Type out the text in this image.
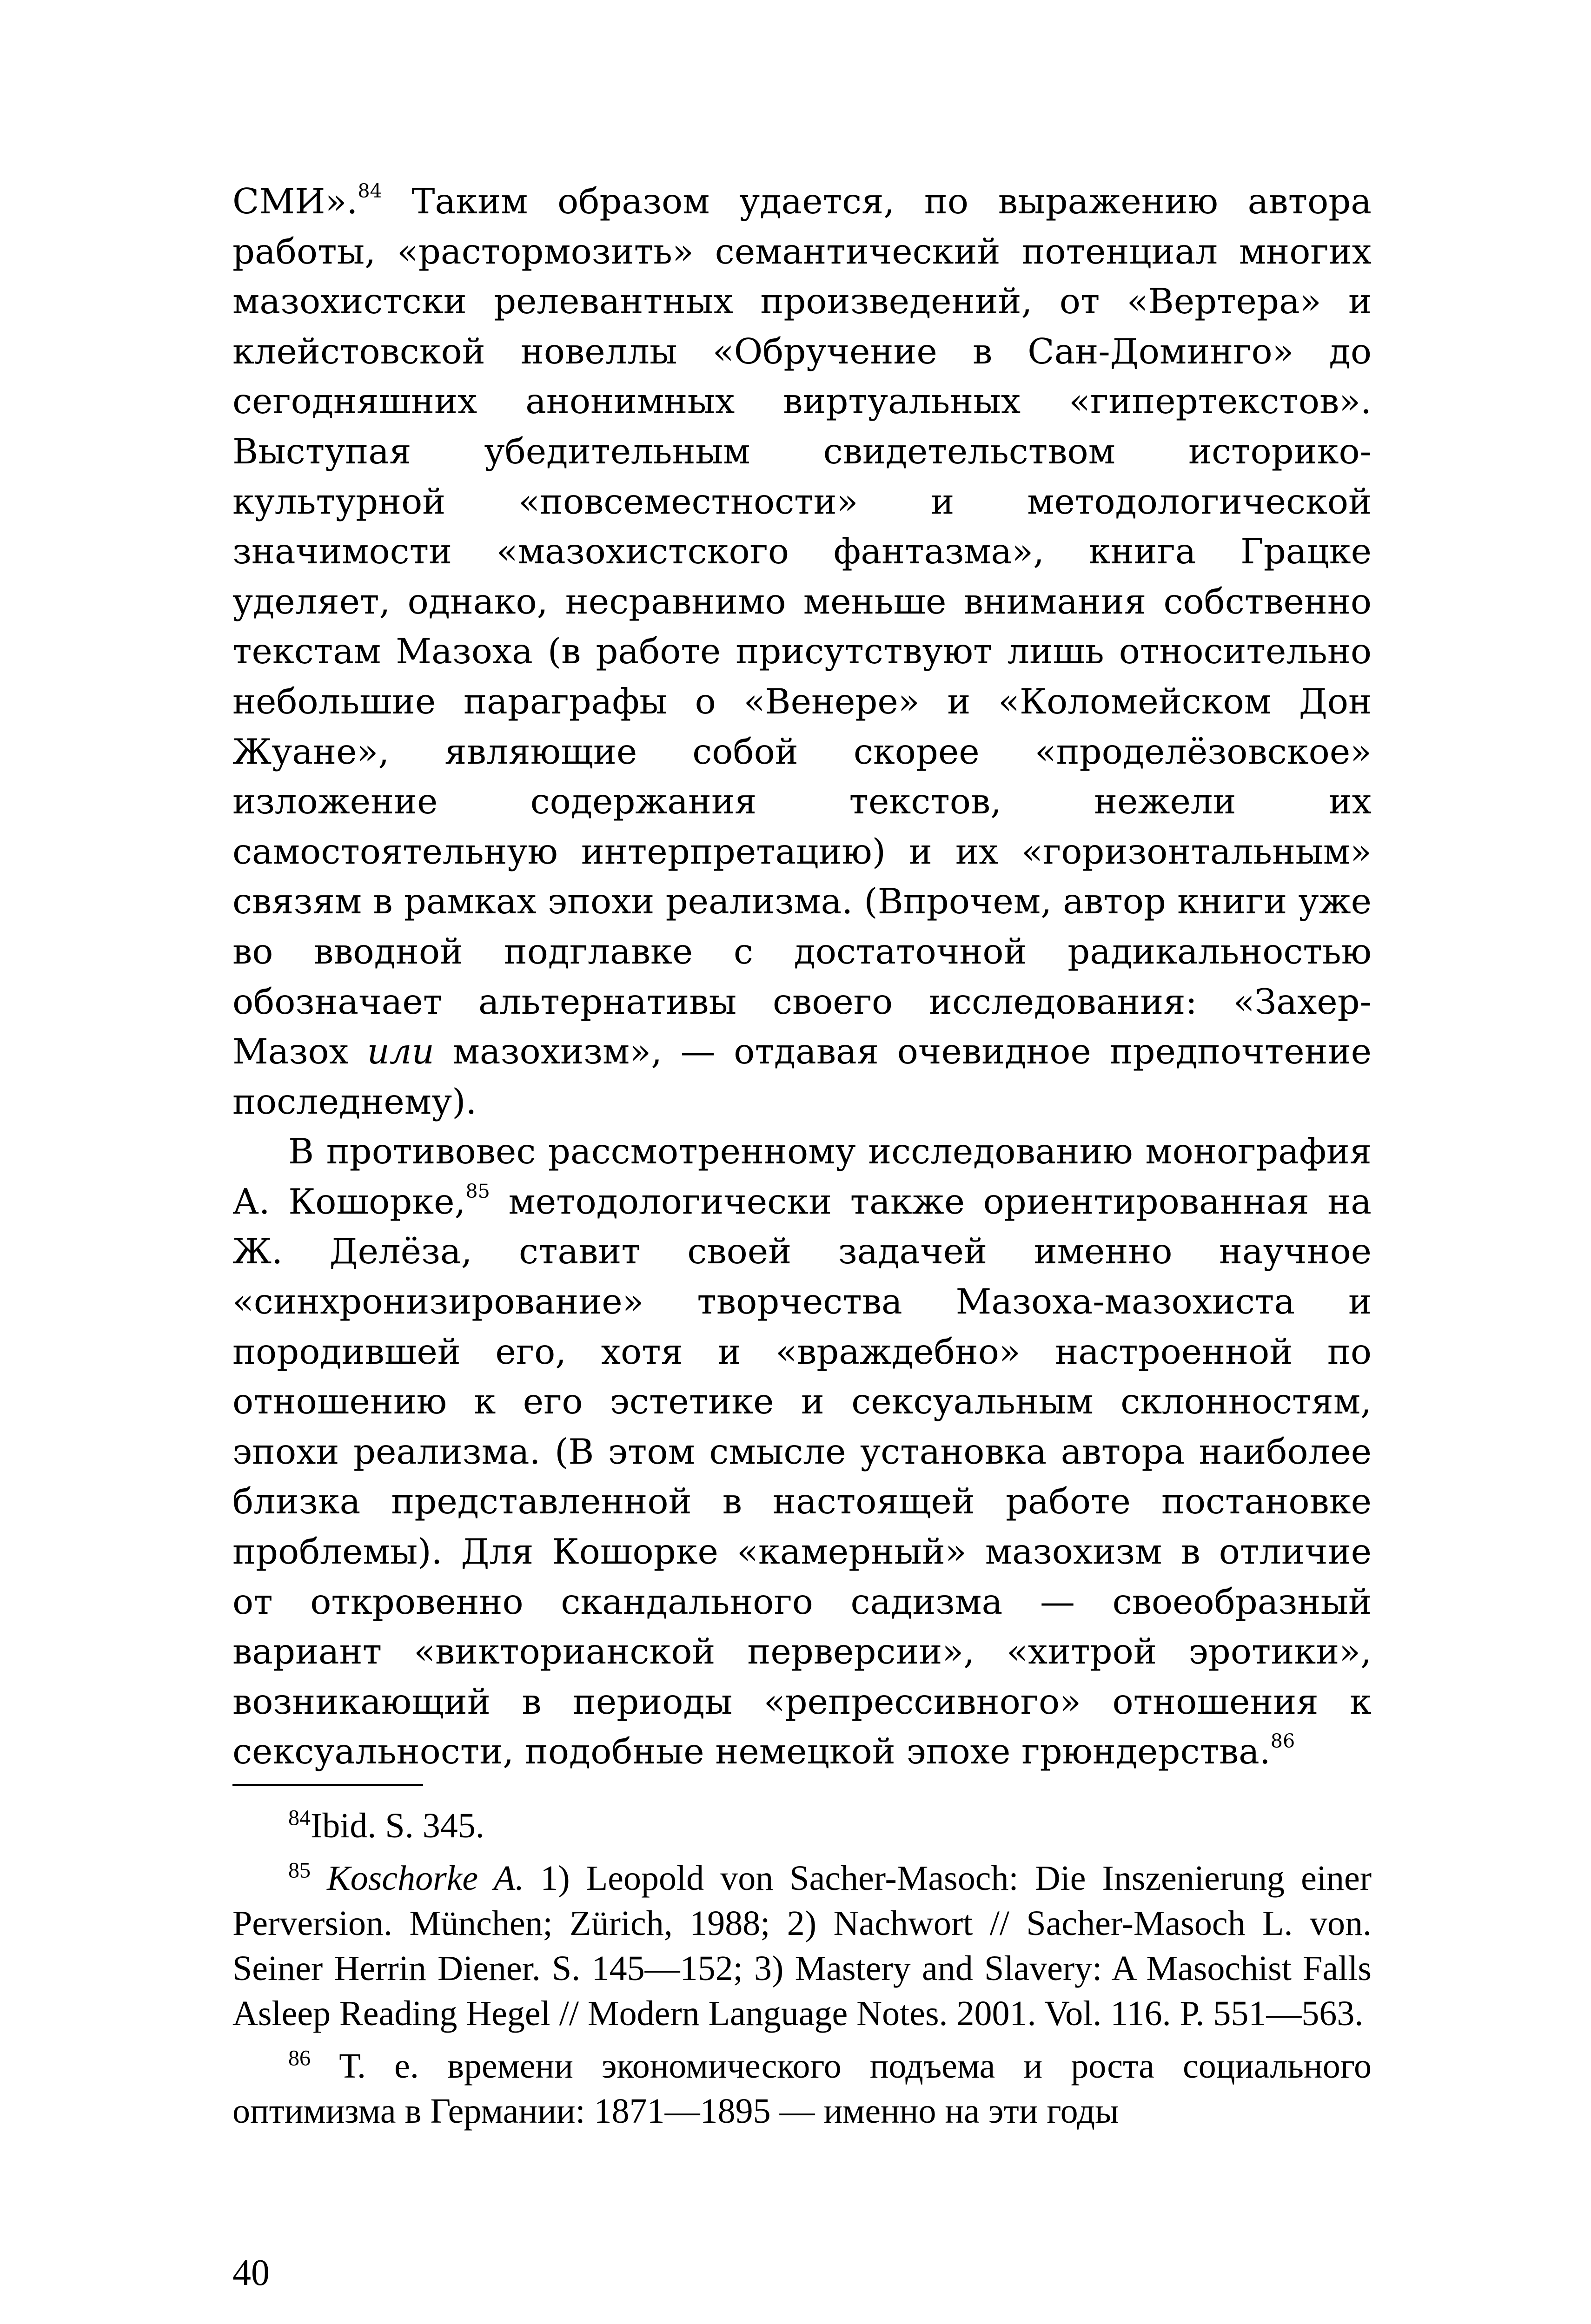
СМИ».$^{84}$ Таким образом удается, по выражению автора работы, «растормозить» семантический потенциал многих мазохистски релевантных произведений, от «Вертера» и клейстовской новеллы «Обручение в Сан-Доминго» до сегодняшних анонимных виртуальных «гипертекстов». Выступая убедительным свидетельством историко-культурной «повсеместности» и методологической значимости «мазохистского фантазма», книга Грацке уделяет, однако, несравнимо меньше внимания собственно текстам Мазоха (в работе присутствуют лишь относительно небольшие параграфы о «Венере» и «Коломейском Дон Жуане», являющие собой скорее «проделёзовское» изложение содержания текстов, нежели их самостоятельную интерпретацию) и их «горизонтальным» связям в рамках эпохи реализма. (Впрочем, автор книги уже во вводной подглавке с достаточной радикальностью обозначает альтернативы своего исследования: «Захер-Мазох или мазохизм», — отдавая очевидное предпочтение последнему).

В противовес рассмотренному исследованию монография А. Кошорке,$^{85}$ методологически также ориентированная на Ж. Делёза, ставит своей задачей именно научное «синхронизирование» творчества Мазоха-мазохиста и породившей его, хотя и «враждебно» настроенной по отношению к его эстетике и сексуальным склонностям, эпохи реализма. (В этом смысле установка автора наиболее близка представленной в настоящей работе постановке проблемы). Для Кошорке «камерный» мазохизм в отличие от откровенно скандального садизма — своеобразный вариант «викторианской перверсии», «хитрой эротики», возникающий в периоды «репрессивного» отношения к сексуальности, подобные немецкой эпохе грюндерства.$^{86}$

$^{84}$Ibid. S. 345.

$^{85}$ Koschorke A. 1) Leopold von Sacher-Masoch: Die Inszenierung einer Perversion. München; Zürich, 1988; 2) Nachwort // Sacher-Masoch L. von. Seiner Herrin Diener. S. 145—152; 3) Mastery and Slavery: A Masochist Falls Asleep Reading Hegel // Modern Language Notes. 2001. Vol. 116. P. 551—563.

$^{86}$ Т. е. времени экономического подъема и роста социального оптимизма в Германии: 1871—1895 — именно на эти годы

40
